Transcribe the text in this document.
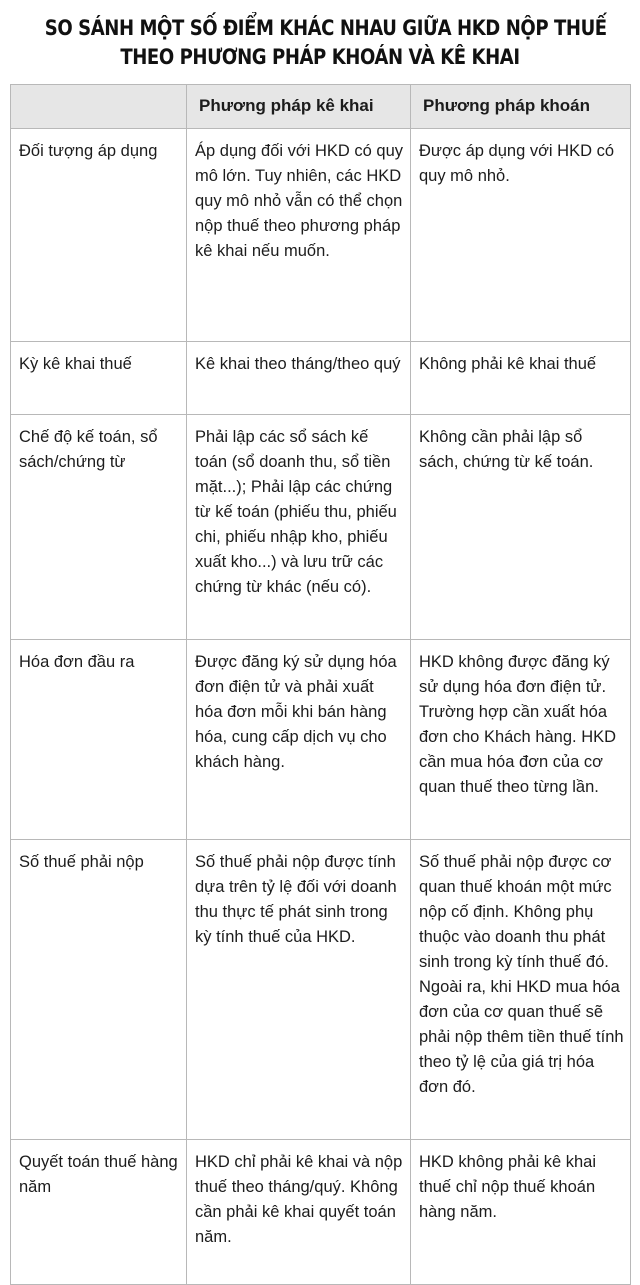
SO SÁNH MỘT SỐ ĐIỂM KHÁC NHAU GIỮA HKD NỘP THUẾ
THEO PHƯƠNG PHÁP KHOÁN VÀ KÊ KHAI
	Phương pháp kê khai	Phương pháp khoán
Đối tượng áp dụng	Áp dụng đối với HKD có quy mô lớn. Tuy nhiên, các HKD quy mô nhỏ vẫn có thể chọn nộp thuế theo phương pháp kê khai nếu muốn.	Được áp dụng với HKD có quy mô nhỏ.
Kỳ kê khai thuế	Kê khai theo tháng/theo quý	Không phải kê khai thuế
Chế độ kế toán, sổ sách/chứng từ	Phải lập các sổ sách kế toán (sổ doanh thu, sổ tiền mặt...); Phải lập các chứng từ kế toán (phiếu thu, phiếu chi, phiếu nhập kho, phiếu xuất kho...) và lưu trữ các chứng từ khác (nếu có).	Không cần phải lập sổ sách, chứng từ kế toán.
Hóa đơn đầu ra	Được đăng ký sử dụng hóa đơn điện tử và phải xuất hóa đơn mỗi khi bán hàng hóa, cung cấp dịch vụ cho khách hàng.	HKD không được đăng ký sử dụng hóa đơn điện tử. Trường hợp cần xuất hóa đơn cho Khách hàng. HKD cần mua hóa đơn của cơ quan thuế theo từng lần.
Số thuế phải nộp	Số thuế phải nộp được tính dựa trên tỷ lệ đối với doanh thu thực tế phát sinh trong kỳ tính thuế của HKD.	Số thuế phải nộp được cơ quan thuế khoán một mức nộp cố định. Không phụ thuộc vào doanh thu phát sinh trong kỳ tính thuế đó. Ngoài ra, khi HKD mua hóa đơn của cơ quan thuế sẽ phải nộp thêm tiền thuế tính theo tỷ lệ của giá trị hóa đơn đó.
Quyết toán thuế hàng năm	HKD chỉ phải kê khai và nộp thuế theo tháng/quý. Không cần phải kê khai quyết toán năm.	HKD không phải kê khai thuế chỉ nộp thuế khoán hàng năm.
